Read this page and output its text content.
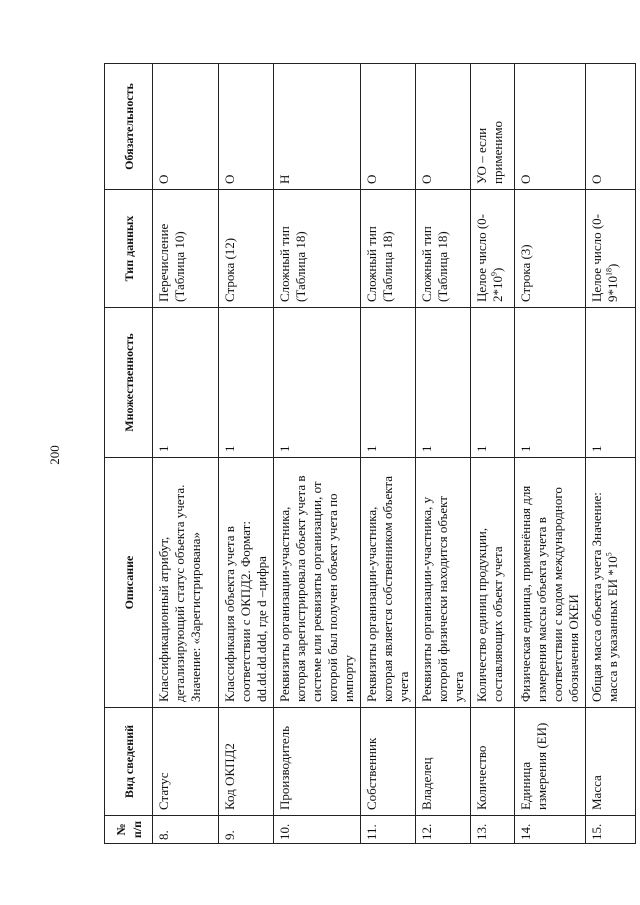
200
№ п/п	Вид сведений	Описание	Множественность	Тип данных	Обязательность
8.	Статус	Классификационный атрибут, детализирующий статус объекта учета. Значение: «Зарегистрирована»	1	Перечисление (Таблица 10)	О
9.	Код ОКПД2	Классификация объекта учета в соответствии с ОКПД2. Формат: dd.dd.dd.ddd, где d –цифра	1	Строка (12)	О
10.	Производитель	Реквизиты организации-участника, которая зарегистрировала объект учета в системе или реквизиты организации, от которой был получен объект учета по импорту	1	Сложный тип (Таблица 18)	Н
11.	Собственник	Реквизиты организации-участника, которая является собственником объекта учета	1	Сложный тип (Таблица 18)	О
12.	Владелец	Реквизиты организации-участника, у которой физически находится объект учета	1	Сложный тип (Таблица 18)	О
13.	Количество	Количество единиц продукции, составляющих объект учета	1	Целое число $(0-2*10^9)$	УО – если применимо
14.	Единица измерения (ЕИ)	Физическая единица, применённая для измерения массы объекта учета в соответствии с кодом международного обозначения ОКЕИ	1	Строка (3)	О
15.	Масса	Общая масса объекта учета Значение: масса в указанных ЕИ $*10^5$	1	Целое число $(0-9*10^{18})$	О
